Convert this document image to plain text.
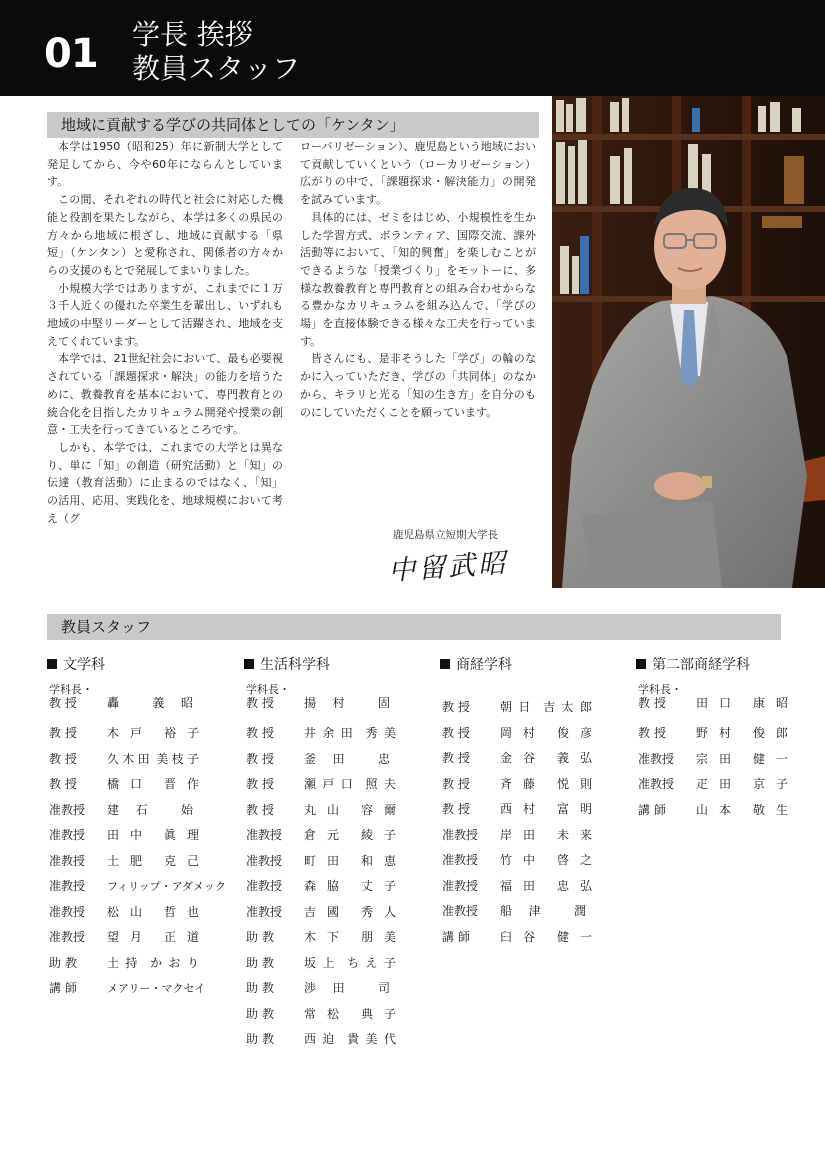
01 学長 挨拶
教員スタッフ
地域に貢献する学びの共同体としての「ケンタン」

本学は1950（昭和25）年に新制大学として発足してから、今や60年にならんとしています。

この間、それぞれの時代と社会に対応した機能と役割を果たしながら、本学は多くの県民の方々から地域に根ざし、地域に貢献する「県短」（ケンタン）と愛称され、関係者の方々からの支援のもとで発展してまいりました。

小規模大学ではありますが、これまでに１万３千人近くの優れた卒業生を輩出し、いずれも地域の中堅リーダーとして活躍され、地域を支えてくれています。

本学では、21世紀社会において、最も必要視されている「課題探求・解決」の能力を培うために、教養教育を基本において、専門教育との統合化を目指したカリキュラム開発や授業の創意・工夫を行ってきているところです。

しかも、本学では、これまでの大学とは異なり、単に「知」の創造（研究活動）と「知」の伝達（教育活動）に止まるのではなく、「知」の活用、応用、実践化を、地球規模において考え（グ

ローバリゼーション）、鹿児島という地域において貢献していくという（ローカリゼーション）広がりの中で、「課題探求・解決能力」の開発を試みています。

具体的には、ゼミをはじめ、小規模性を生かした学習方式、ボランティア、国際交流、課外活動等において、「知的興奮」を楽しむことができるような「授業づくり」をモットーに、多様な教養教育と専門教育との組み合わせからなる豊かなカリキュラムを組み込んで、「学びの場」を直接体験できる様々な工夫を行っています。

皆さんにも、是非そうした「学び」の輪のなかに入っていただき、学びの「共同体」のなかから、キラリと光る「知の生き方」を自分のものにしていただくことを願っています。

鹿児島県立短期大学長
中留武昭
教員スタッフ
文学科
学科長・
教授 轟	義 昭
教授 木 戸 裕 子
教授 久 木 田 美 枝 子
教授 橋 口 晋 作
准教授 建 石	始
准教授 田 中 眞 理
准教授 土 肥 克 己
准教授 フィリップ・アダメック
准教授 松 山 哲 也
准教授 望 月 正 道
助教 土 持 か お り
講師 メアリー・マクセイ
生活科学科
学科長・
教授 揚 村	固
教授 井 余 田 秀 美
教授 釜 田	忠
教授 瀬 戸 口 照 夫
教授 丸 山 容 爾
准教授 倉 元 綾 子
准教授 町 田 和 恵
准教授 森 脇 丈 子
准教授 吉 國 秀 人
助教 木 下 朋 美
助教 坂 上 ち え 子
助教 渉 田	司
助教 常 松 典 子
助教 西 迫 貴 美 代
商経学科
教授 朝 日 吉 太 郎
教授 岡 村 俊 彦
教授 金 谷 義 弘
教授 斉 藤 悦 則
教授 西 村 富 明
准教授 岸 田 未 来
准教授 竹 中 啓 之
准教授 福 田 忠 弘
准教授 船 津	潤
講師 臼 谷 健 一
第二部商経学科
学科長・
教授 田 口 康 昭
教授 野 村 俊 郎
准教授 宗 田 健 一
准教授 疋 田 京 子
講師 山 本 敬 生
